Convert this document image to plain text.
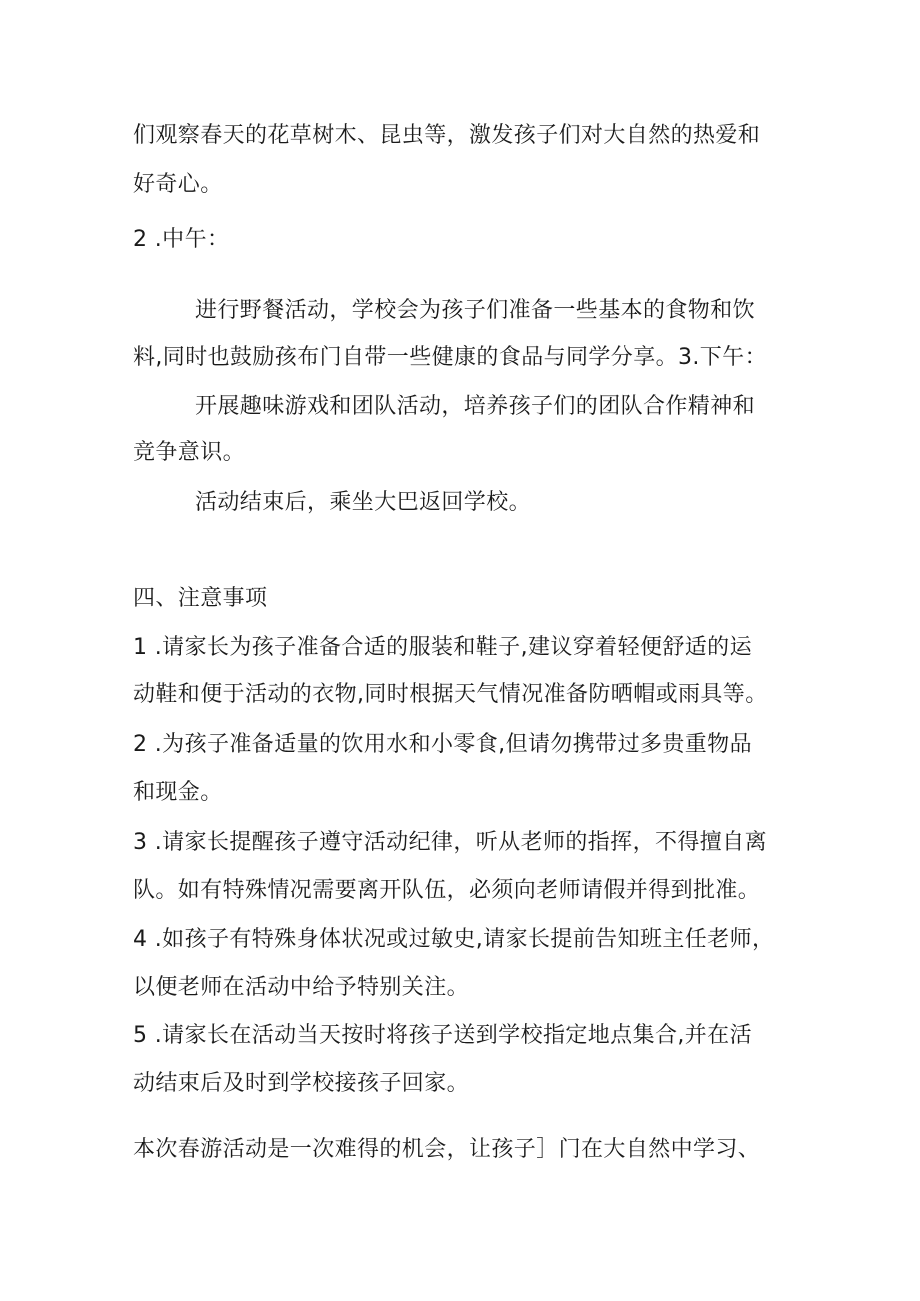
们观察春天的花草树木、昆虫等，激发孩子们对大自然的热爱和
好奇心。
2 .中午：
进行野餐活动，学校会为孩子们准备一些基本的食物和饮
料,同时也鼓励孩布门自带一些健康的食品与同学分享。3.下午：
开展趣味游戏和团队活动，培养孩子们的团队合作精神和
竞争意识。
活动结束后，乘坐大巴返回学校。
四、注意事项
1 .请家长为孩子准备合适的服装和鞋子,建议穿着轻便舒适的运
动鞋和便于活动的衣物,同时根据天气情况准备防晒帽或雨具等。
2 .为孩子准备适量的饮用水和小零食,但请勿携带过多贵重物品
和现金。
3 .请家长提醒孩子遵守活动纪律，听从老师的指挥，不得擅自离
队。如有特殊情况需要离开队伍，必须向老师请假并得到批准。
4 .如孩子有特殊身体状况或过敏史,请家长提前告知班主任老师，
以便老师在活动中给予特别关注。
5 .请家长在活动当天按时将孩子送到学校指定地点集合,并在活
动结束后及时到学校接孩子回家。
本次春游活动是一次难得的机会，让孩子］门在大自然中学习、
